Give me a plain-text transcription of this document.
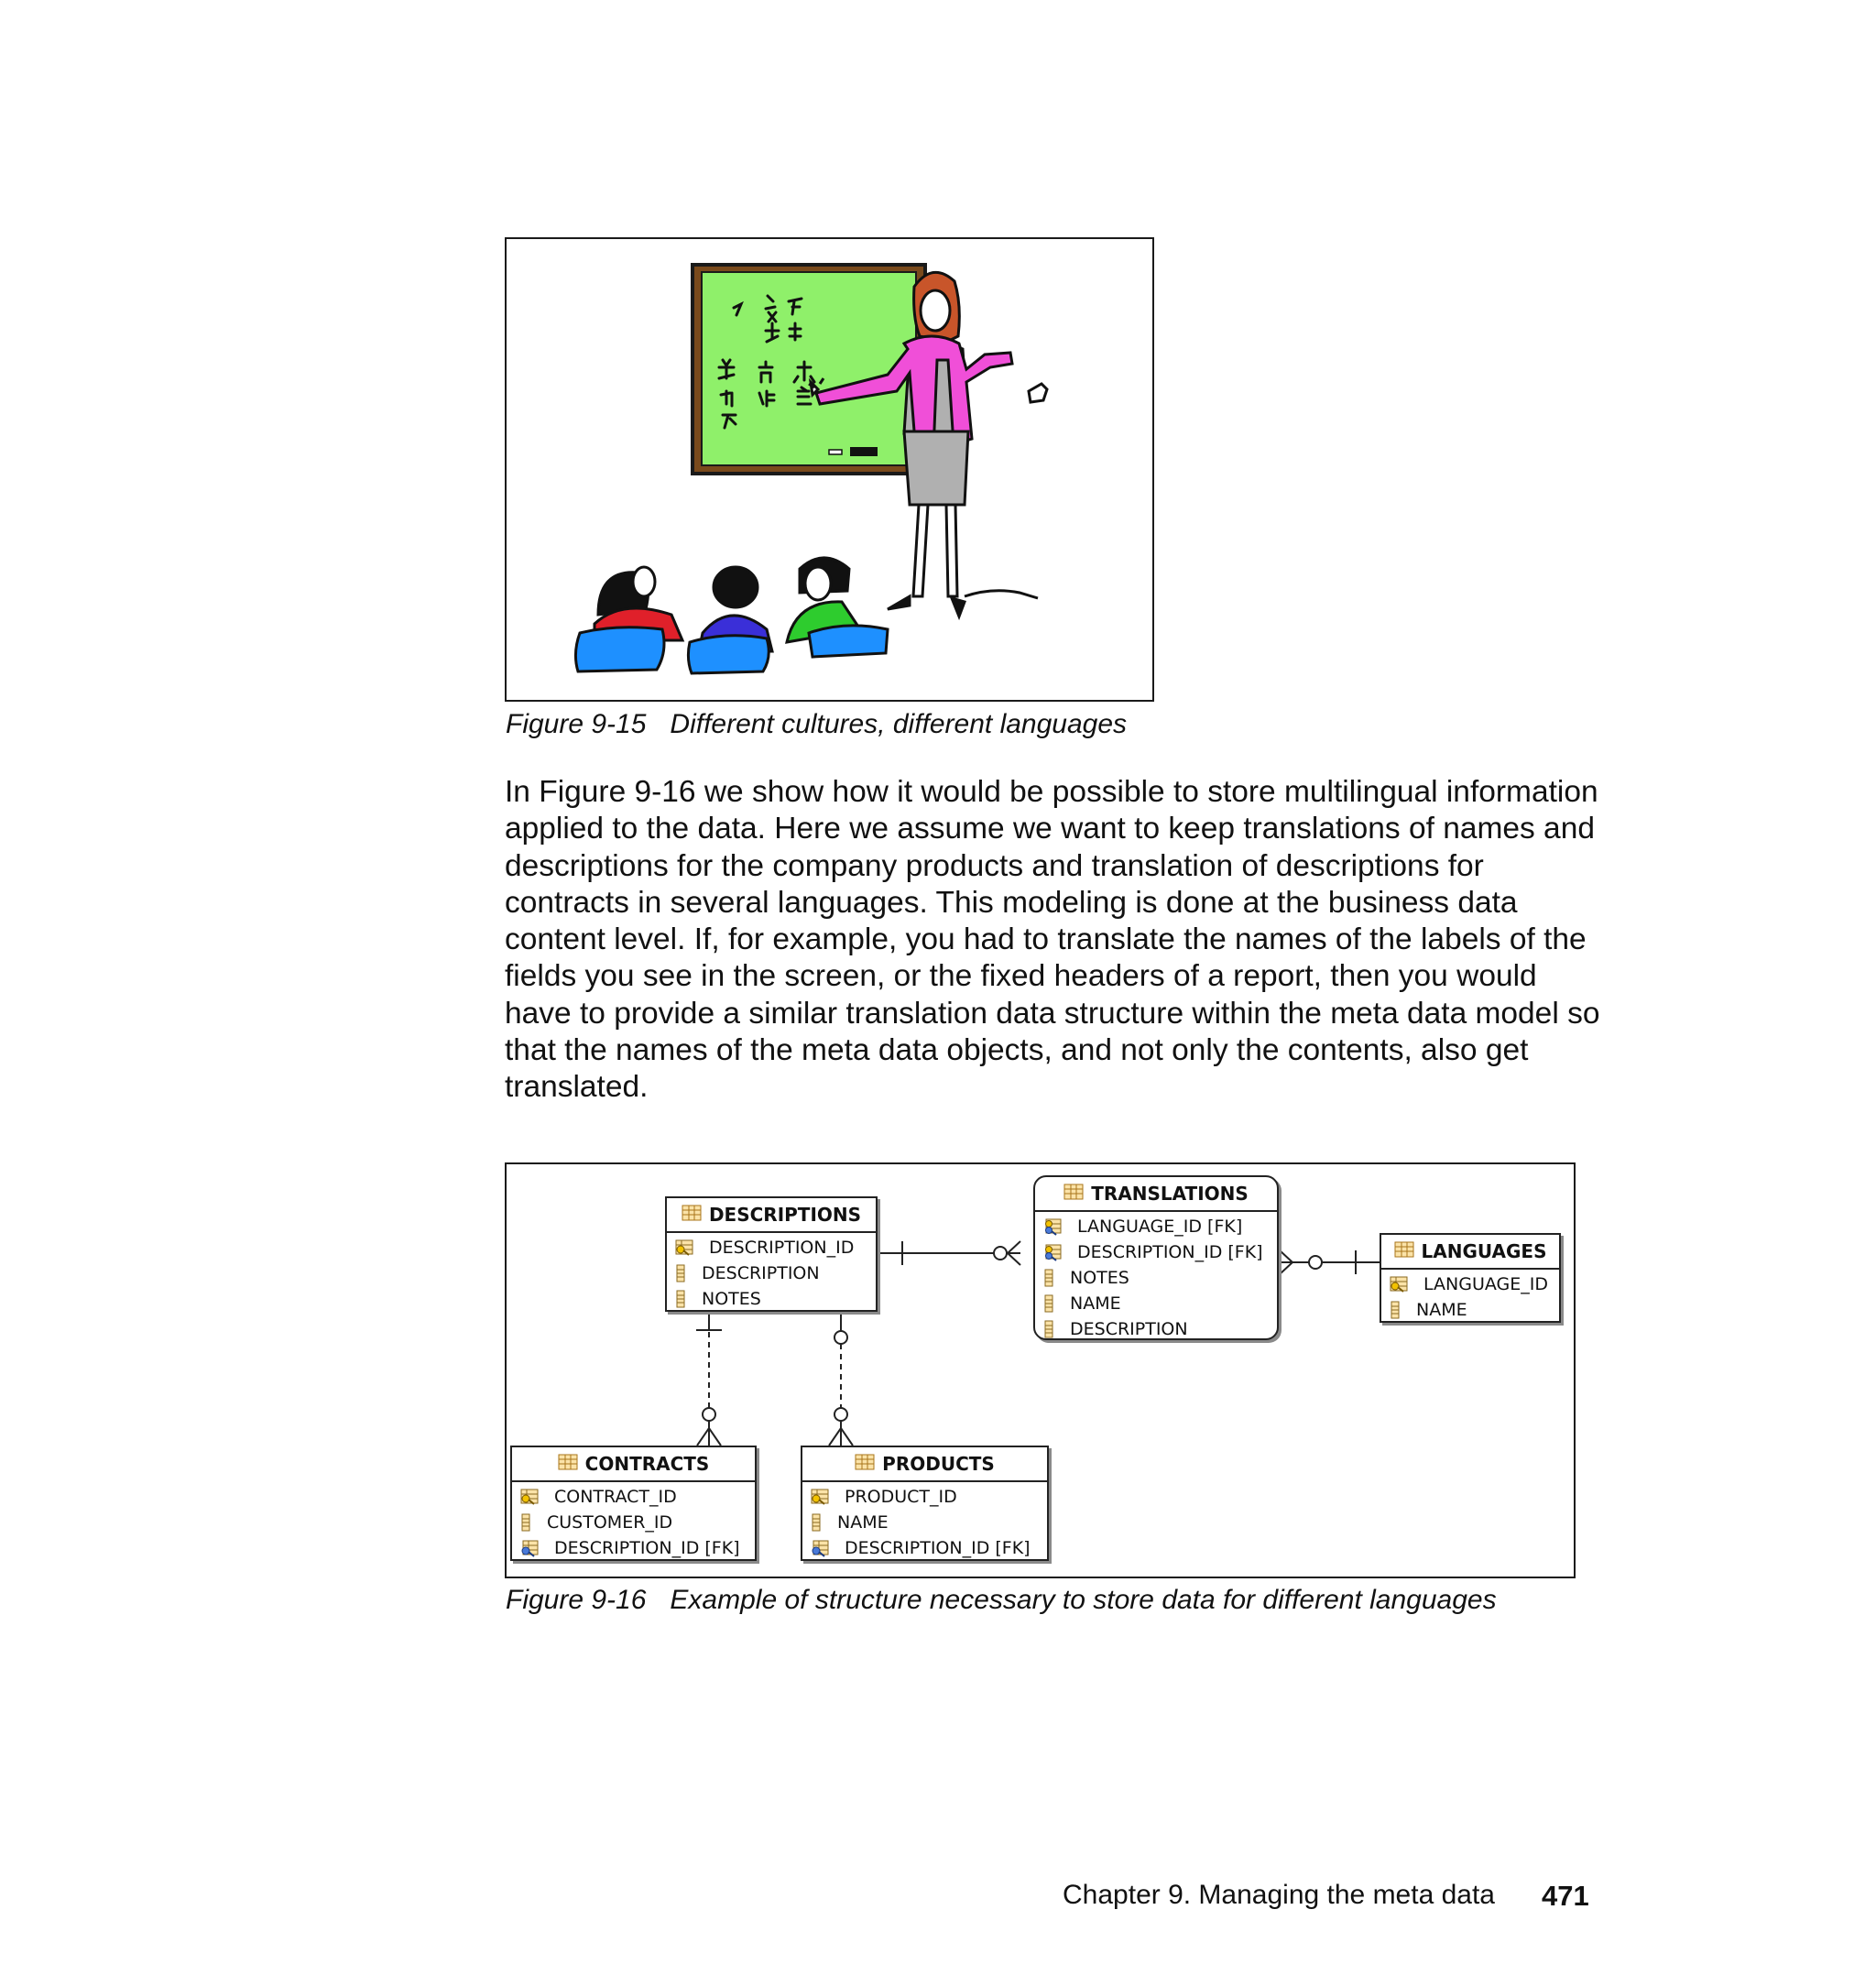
Figure 9-15 Different cultures, different languages

In Figure 9-16 we show how it would be possible to store multilingual information applied to the data. Here we assume we want to keep translations of names and descriptions for the company products and translation of descriptions for contracts in several languages. This modeling is done at the business data content level. If, for example, you had to translate the names of the labels of the fields you see in the screen, or the fixed headers of a report, then you would have to provide a similar translation data structure within the meta data model so that the names of the meta data objects, and not only the contents, also get translated.

DESCRIPTIONS
DESCRIPTION_ID
DESCRIPTION
NOTES
TRANSLATIONS
LANGUAGE_ID [FK]
DESCRIPTION_ID [FK]
NOTES
NAME
DESCRIPTION
LANGUAGES
LANGUAGE_ID
NAME
CONTRACTS
CONTRACT_ID
CUSTOMER_ID
DESCRIPTION_ID [FK]
PRODUCTS
PRODUCT_ID
NAME
DESCRIPTION_ID [FK]
Figure 9-16 Example of structure necessary to store data for different languages
Chapter 9. Managing the meta data 471
